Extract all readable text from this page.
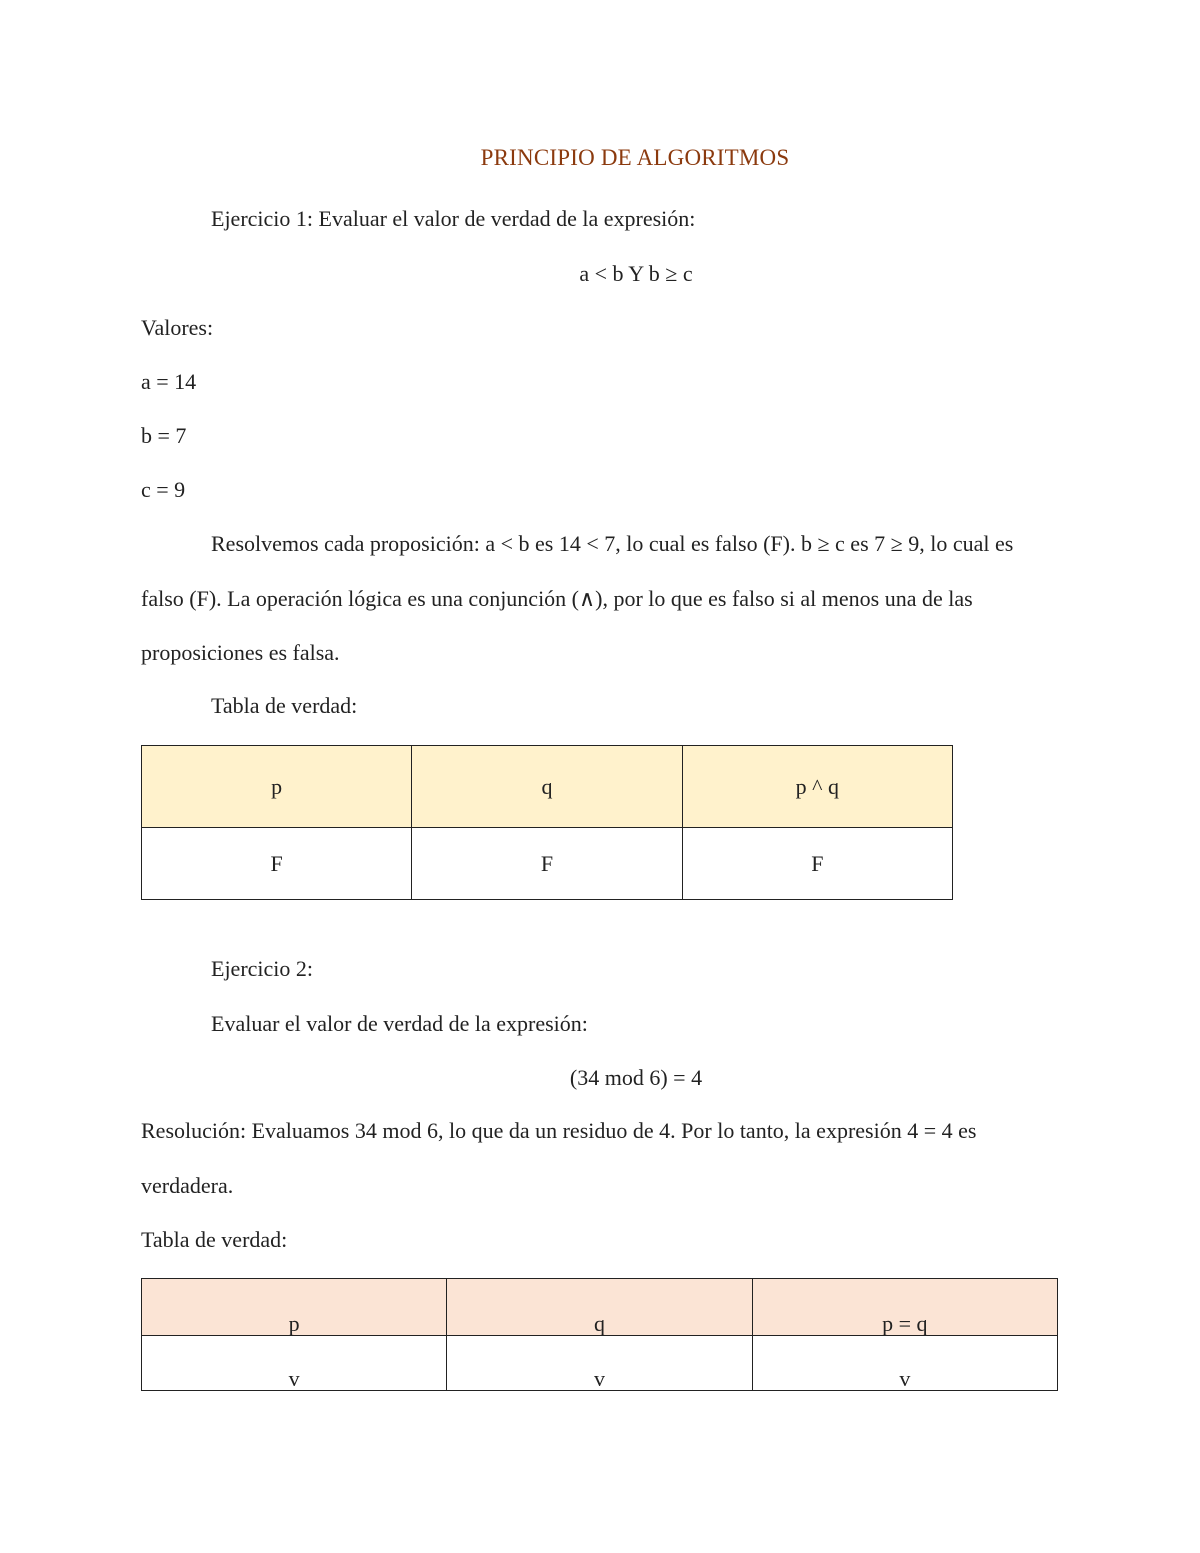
PRINCIPIO DE ALGORITMOS
Ejercicio 1: Evaluar el valor de verdad de la expresión:
a < b Y b ≥ c
Valores:
a = 14
b = 7
c = 9
Resolvemos cada proposición: a < b es 14 < 7, lo cual es falso (F). b ≥ c es 7 ≥ 9, lo cual es falso (F). La operación lógica es una conjunción (∧), por lo que es falso si al menos una de las proposiciones es falsa.
Tabla de verdad:
p	q	p ^ q
F	F	F
Ejercicio 2:
Evaluar el valor de verdad de la expresión:
(34 mod 6) = 4
Resolución: Evaluamos 34 mod 6, lo que da un residuo de 4. Por lo tanto, la expresión 4 = 4 es verdadera.
Tabla de verdad:
p	q	p = q
v	v	v
